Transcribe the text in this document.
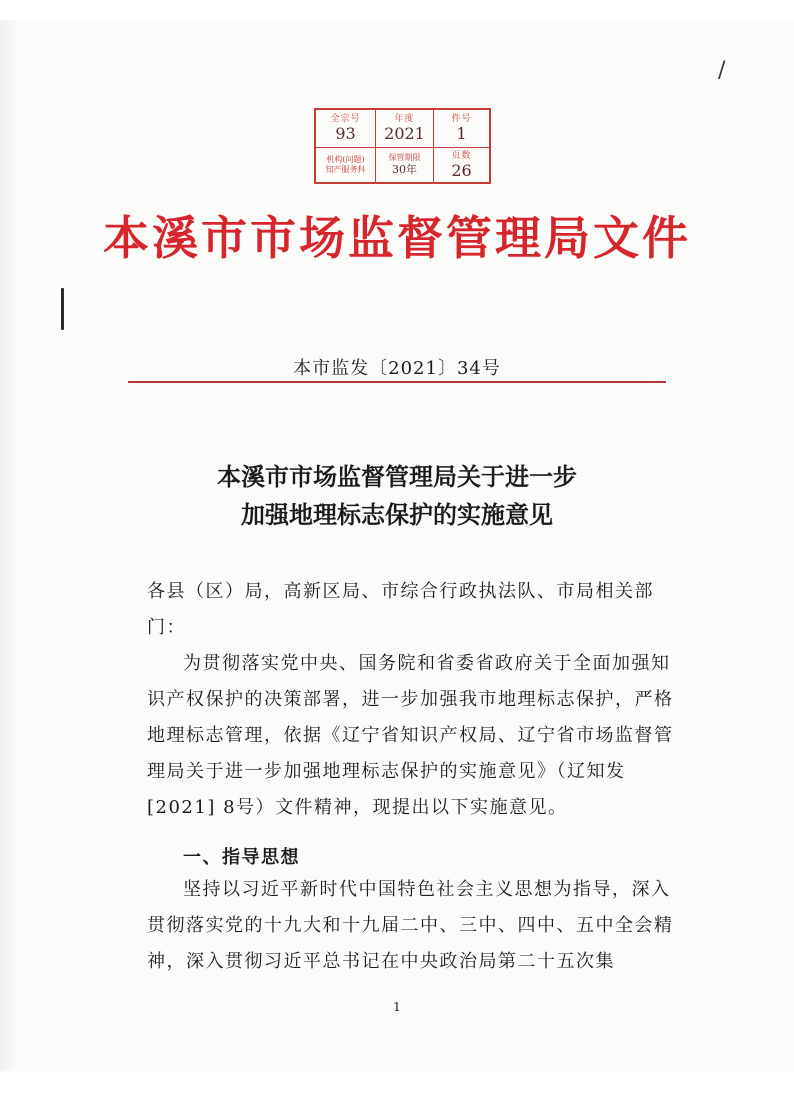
全宗号
93
年度
2021
件号
1
机构(问题)
知产服务科
保管期限
30年
页数
26
/
本溪市市场监督管理局文件
本市监发〔2021〕34号
本溪市市场监督管理局关于进一步
加强地理标志保护的实施意见
各县（区）局，高新区局、市综合行政执法队、市局相关部门：
为贯彻落实党中央、国务院和省委省政府关于全面加强知识产权保护的决策部署，进一步加强我市地理标志保护，严格地理标志管理，依据《辽宁省知识产权局、辽宁省市场监督管理局关于进一步加强地理标志保护的实施意见》（辽知发[2021] 8号）文件精神，现提出以下实施意见。
一、指导思想
坚持以习近平新时代中国特色社会主义思想为指导，深入贯彻落实党的十九大和十九届二中、三中、四中、五中全会精神，深入贯彻习近平总书记在中央政治局第二十五次集
1
